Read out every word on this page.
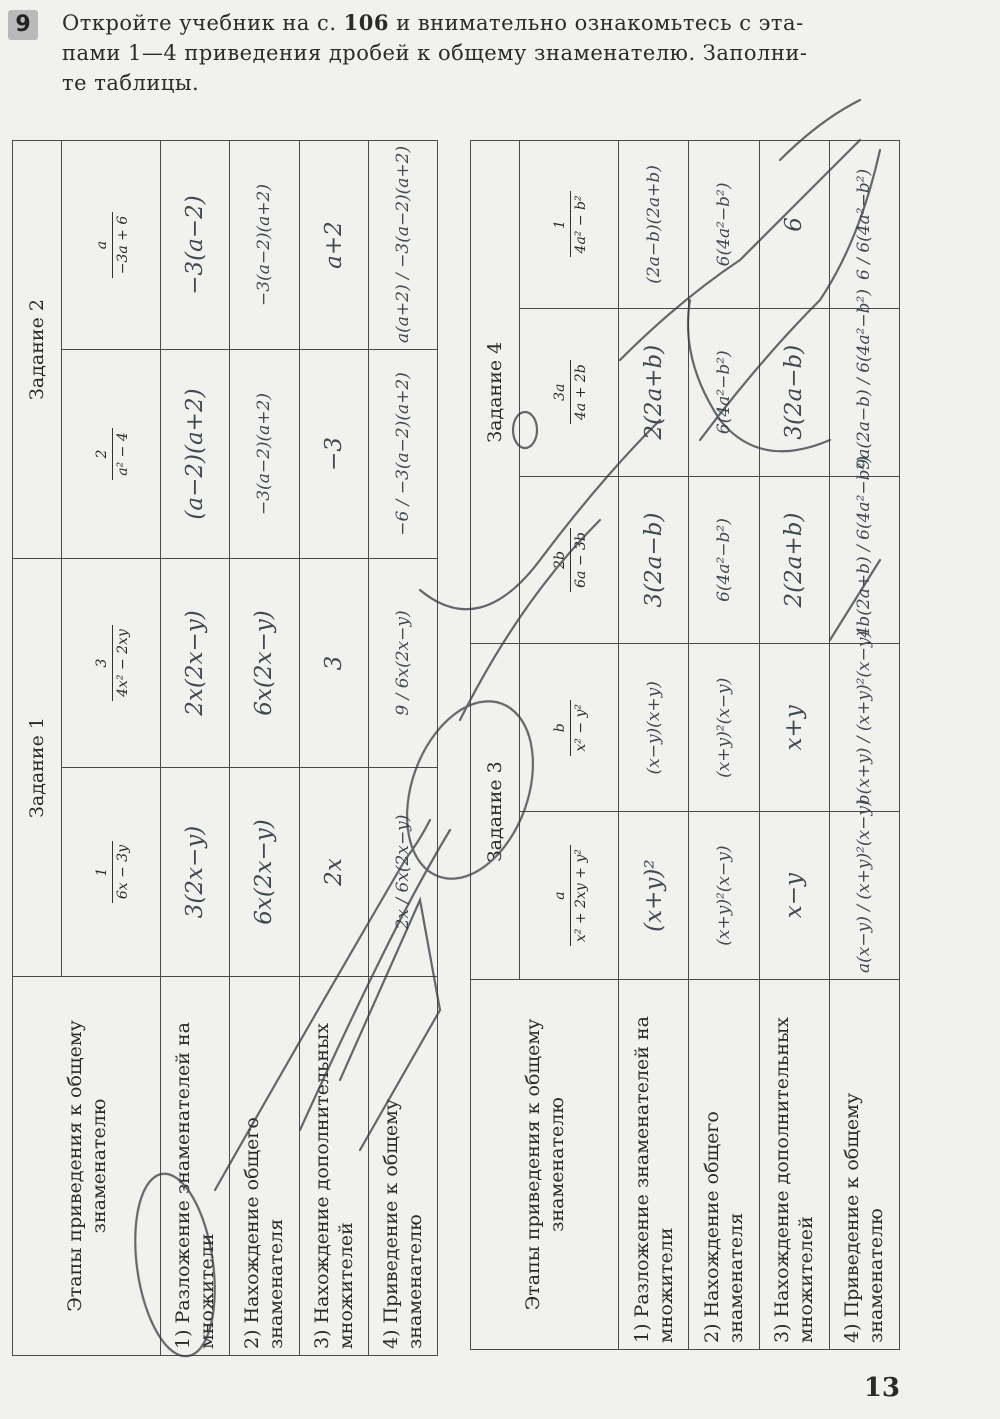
9	Откройте учебник на с. 106 и внимательно ознакомьтесь с эта-
пами 1—4 приведения дробей к общему знаменателю. Заполни-
те таблицы.
Этапы приведения к общему знаменателю	Задание 1		Задание 2	

	1 6x − 3y	3 4x² − 2xy	2 a² − 4	a −3a + 6

1) Разложение знаменателей на множители	3(2x−y)	2x(2x−y)	(a−2)(a+2)	−3(a−2)
2) Нахождение общего знаменателя	6x(2x−y)	6x(2x−y)	−3(a−2)(a+2)	−3(a−2)(a+2)
3) Нахождение дополнительных множителей	2x	3	−3	a+2
4) Приведение к общему знаменателю	2x / 6x(2x−y)	9 / 6x(2x−y)	−6 / −3(a−2)(a+2)	a(a+2) / −3(a−2)(a+2)
Этапы приведения к общему знаменателю	Задание 3		Задание 4		

	a x² + 2xy + y²	b x² − y²	2b 6a − 3b	3a 4a + 2b	1 4a² − b²

1) Разложение знаменателей на множители	(x+y)²	(x−y)(x+y)	3(2a−b)	2(2a+b)	(2a−b)(2a+b)
2) Нахождение общего знаменателя	(x+y)²(x−y)	(x+y)²(x−y)	6(4a²−b²)	6(4a²−b²)	6(4a²−b²)
3) Нахождение дополнительных множителей	x−y	x+y	2(2a+b)	3(2a−b)	6
4) Приведение к общему знаменателю	a(x−y) / (x+y)²(x−y)	b(x+y) / (x+y)²(x−y)	4b(2a+b) / 6(4a²−b²)	9a(2a−b) / 6(4a²−b²)	6 / 6(4a²−b²)
13
